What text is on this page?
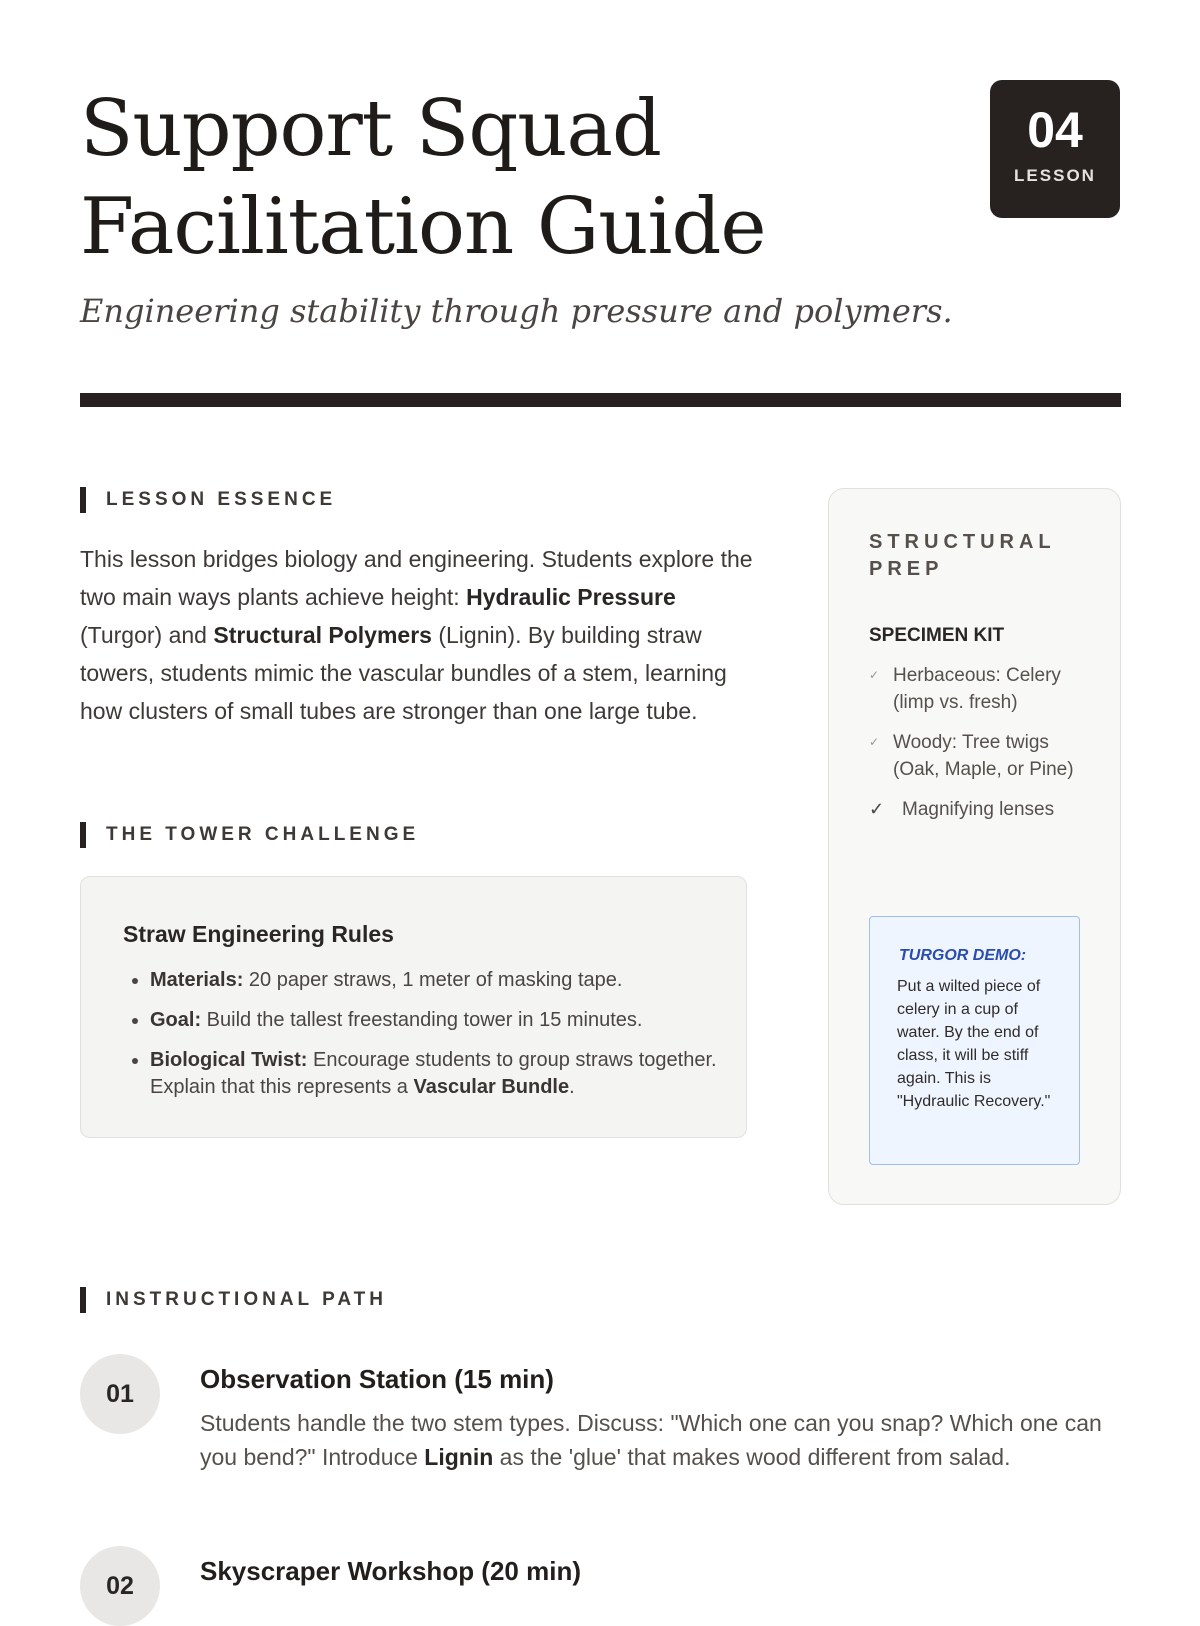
Support Squad
Facilitation Guide

Engineering stability through pressure and polymers.

04
LESSON
LESSON ESSENCE

This lesson bridges biology and engineering. Students explore the two main ways plants achieve height: Hydraulic Pressure (Turgor) and Structural Polymers (Lignin). By building straw towers, students mimic the vascular bundles of a stem, learning how clusters of small tubes are stronger than one large tube.

THE TOWER CHALLENGE
Straw Engineering Rules
• Materials: 20 paper straws, 1 meter of masking tape.
• Goal: Build the tallest freestanding tower in 15 minutes.
• Biological Twist: Encourage students to group straws together. Explain that this represents a Vascular Bundle.
STRUCTURAL PREP
SPECIMEN KIT
✓ Herbaceous: Celery (limp vs. fresh)
✓ Woody: Tree twigs (Oak, Maple, or Pine)
✓ Magnifying lenses

TURGOR DEMO:

Put a wilted piece of celery in a cup of water. By the end of class, it will be stiff again. This is "Hydraulic Recovery."

INSTRUCTIONAL PATH
01	Observation Station (15 min)

Students handle the two stem types. Discuss: "Which one can you snap? Which one can you bend?" Introduce Lignin as the 'glue' that makes wood different from salad.

02	Skyscraper Workshop (20 min)
